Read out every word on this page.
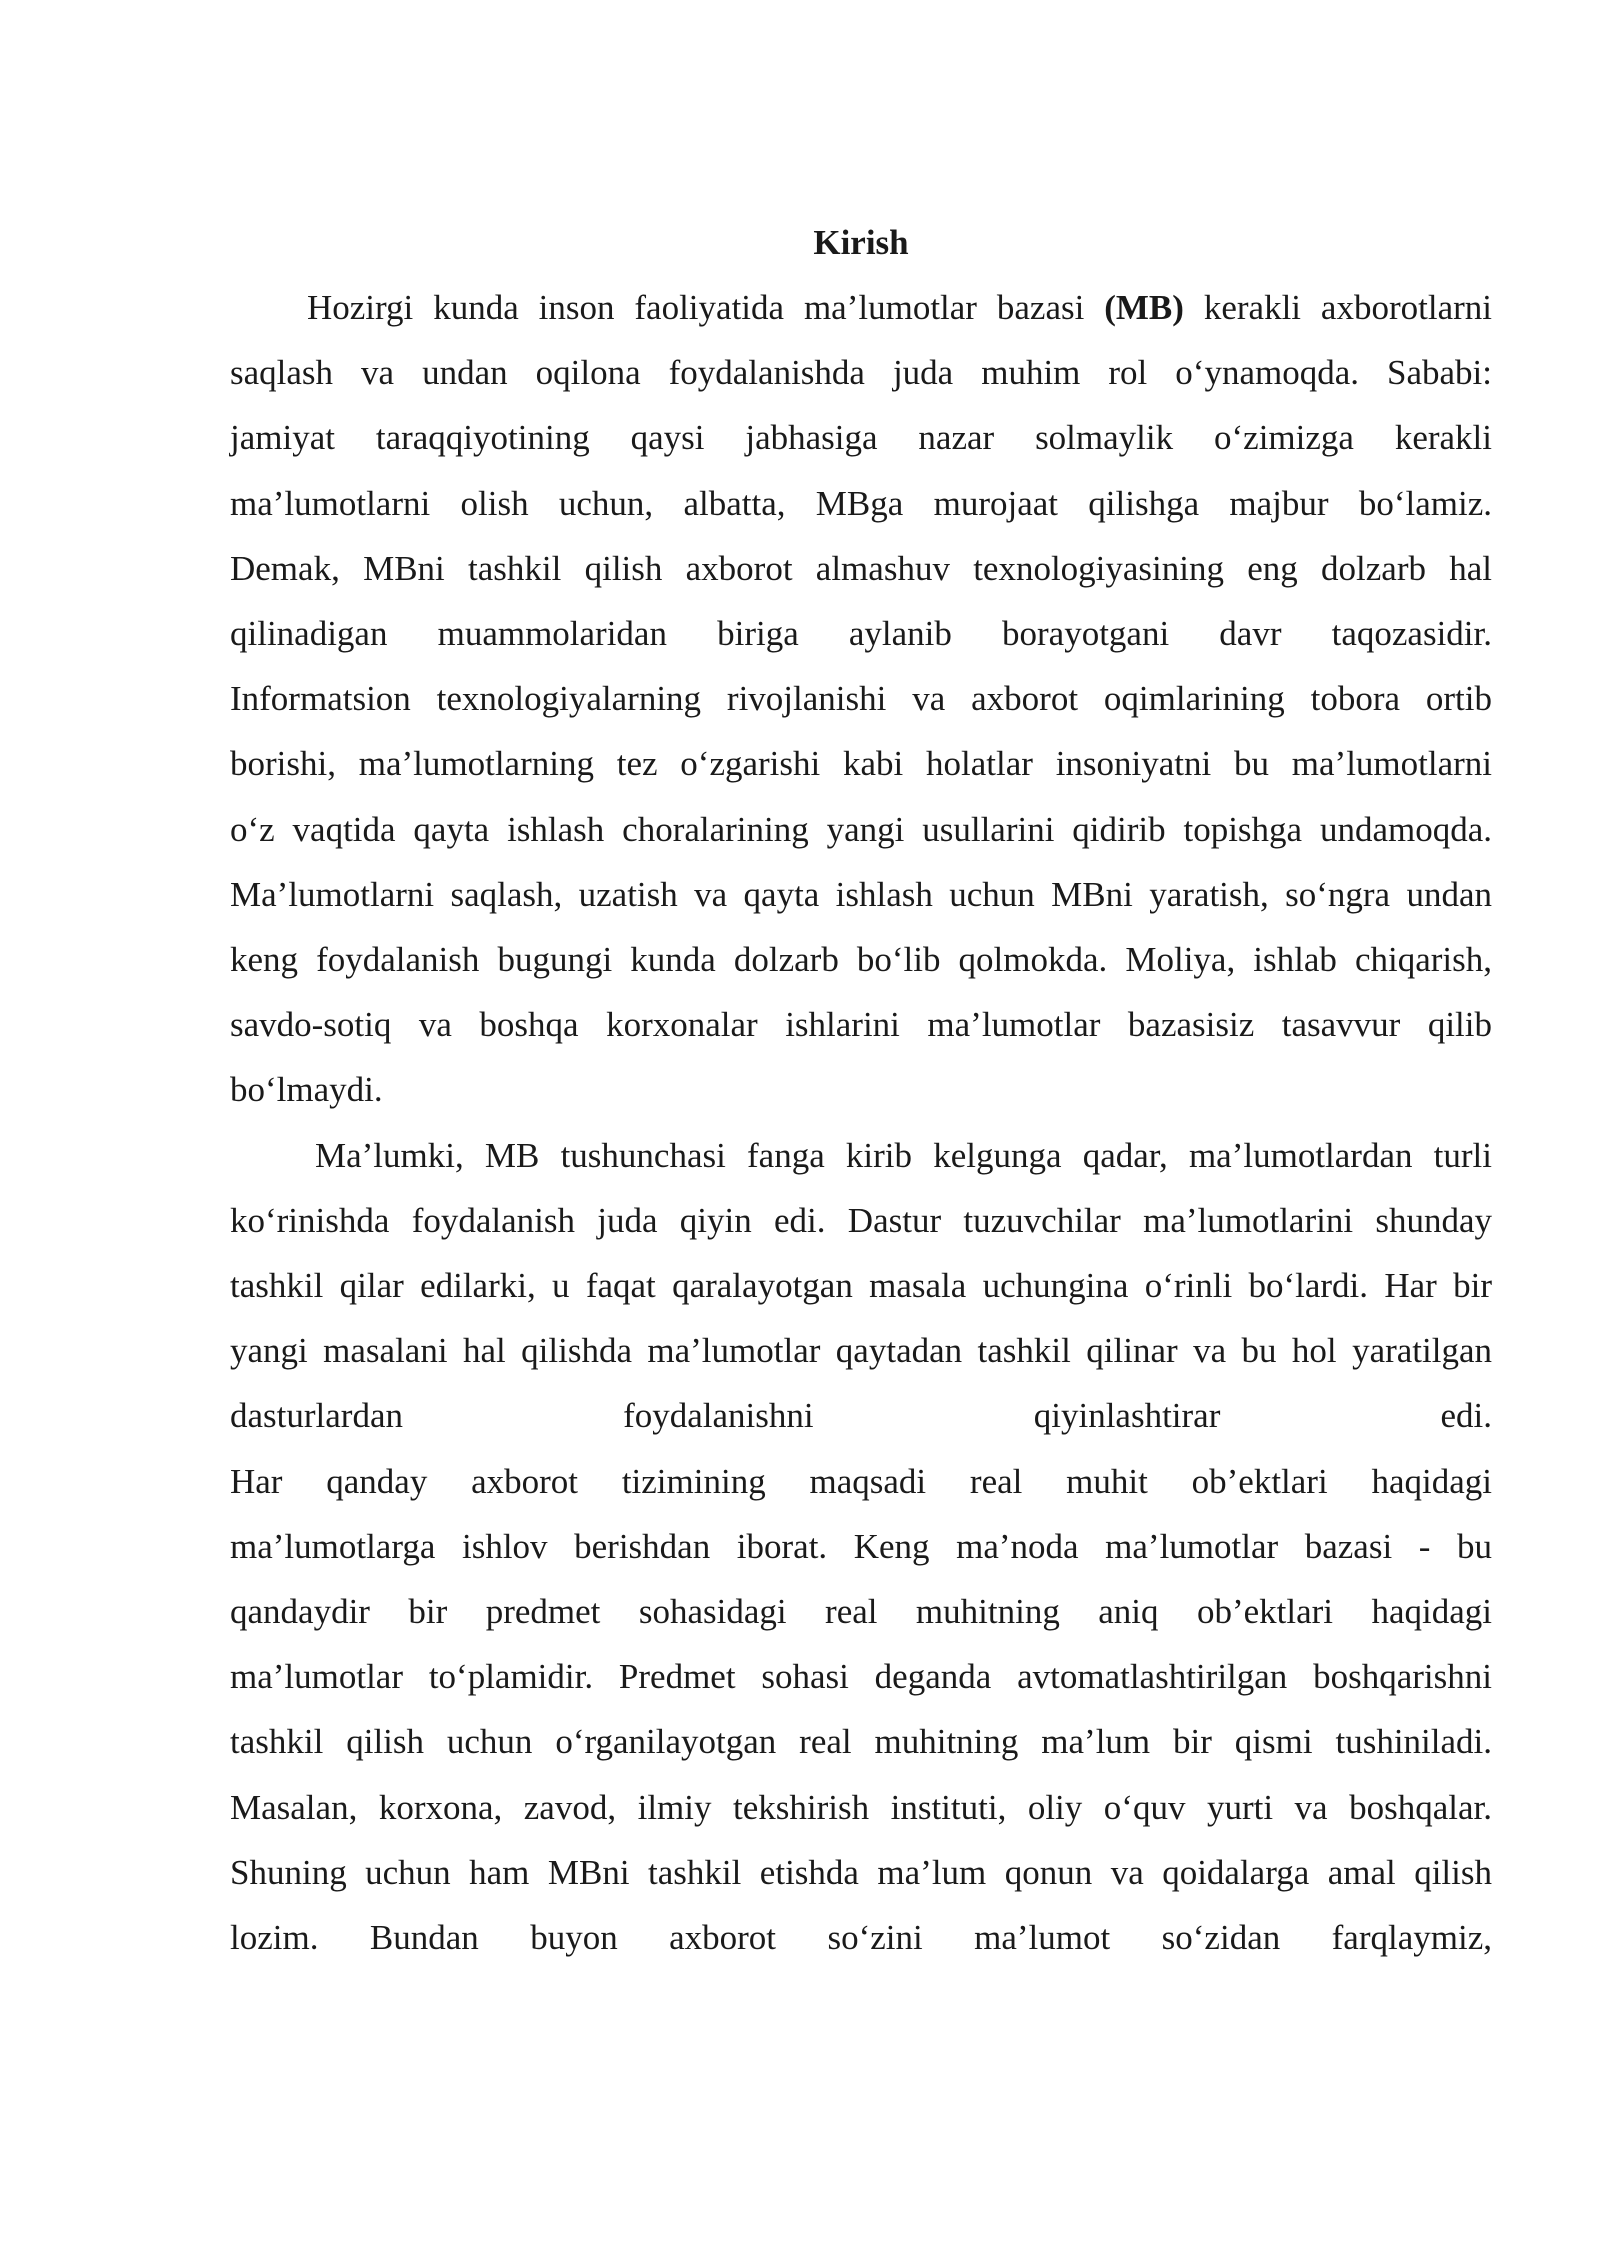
Kirish
Hozirgi kunda inson faoliyatida ma’lumotlar bazasi (MB) kerakli axborotlarni
saqlash va undan oqilona foydalanishda juda muhim rol o‘ynamoqda. Sababi:
jamiyat taraqqiyotining qaysi jabhasiga nazar solmaylik o‘zimizga kerakli
ma’lumotlarni olish uchun, albatta, MBga murojaat qilishga majbur bo‘lamiz.
Demak, MBni tashkil qilish axborot almashuv texnologiyasining eng dolzarb hal
qilinadigan muammolaridan biriga aylanib borayotgani davr taqozasidir.
Informatsion texnologiyalarning rivojlanishi va axborot oqimlarining tobora ortib
borishi, ma’lumotlarning tez o‘zgarishi kabi holatlar insoniyatni bu ma’lumotlarni
o‘z vaqtida qayta ishlash choralarining yangi usullarini qidirib topishga undamoqda.
Ma’lumotlarni saqlash, uzatish va qayta ishlash uchun MBni yaratish, so‘ngra undan
keng foydalanish bugungi kunda dolzarb bo‘lib qolmokda. Moliya, ishlab chiqarish,
savdo-sotiq va boshqa korxonalar ishlarini ma’lumotlar bazasisiz tasavvur qilib
bo‘lmaydi.
Ma’lumki, MB tushunchasi fanga kirib kelgunga qadar, ma’lumotlardan turli
ko‘rinishda foydalanish juda qiyin edi. Dastur tuzuvchilar ma’lumotlarini shunday
tashkil qilar edilarki, u faqat qaralayotgan masala uchungina o‘rinli bo‘lardi. Har bir
yangi masalani hal qilishda ma’lumotlar qaytadan tashkil qilinar va bu hol yaratilgan
dasturlardan foydalanishni qiyinlashtirar edi.
Har qanday axborot tizimining maqsadi real muhit ob’ektlari haqidagi
ma’lumotlarga ishlov berishdan iborat. Keng ma’noda ma’lumotlar bazasi - bu
qandaydir bir predmet sohasidagi real muhitning aniq ob’ektlari haqidagi
ma’lumotlar to‘plamidir. Predmet sohasi deganda avtomatlashtirilgan boshqarishni
tashkil qilish uchun o‘rganilayotgan real muhitning ma’lum bir qismi tushiniladi.
Masalan, korxona, zavod, ilmiy tekshirish instituti, oliy o‘quv yurti va boshqalar.
Shuning uchun ham MBni tashkil etishda ma’lum qonun va qoidalarga amal qilish
lozim. Bundan buyon axborot so‘zini ma’lumot so‘zidan farqlaymiz,
